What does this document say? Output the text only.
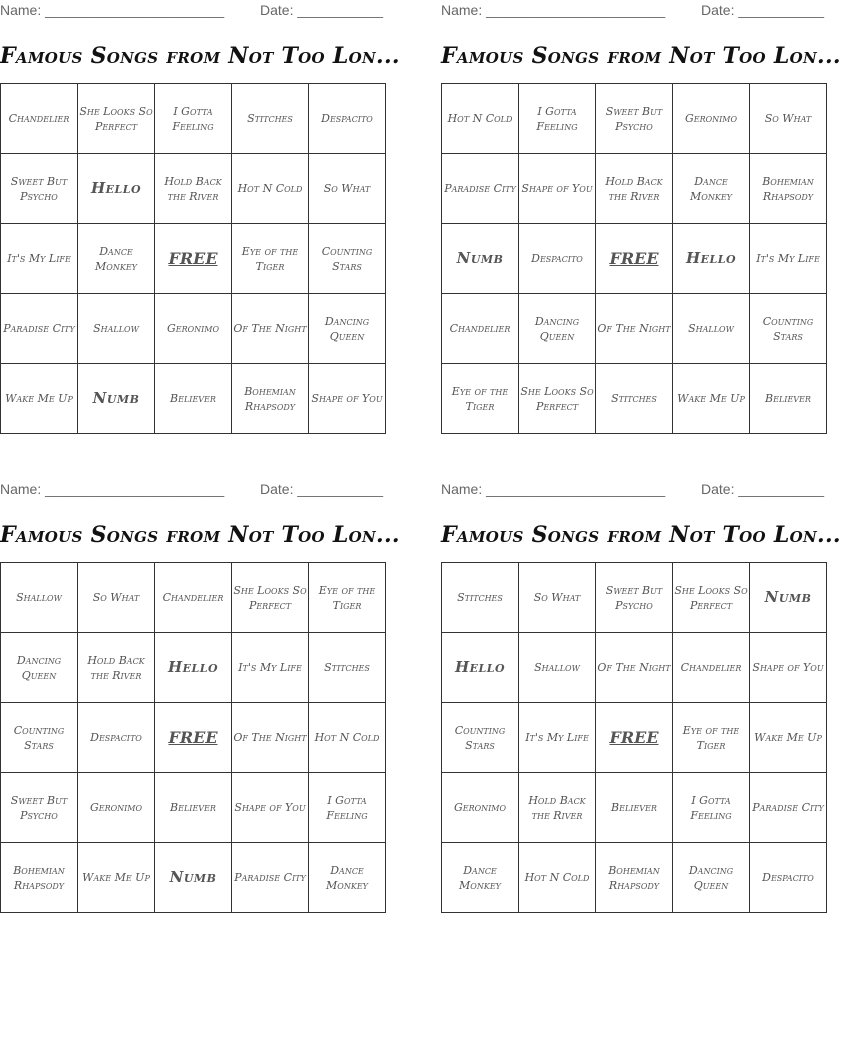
Name: _______________________	Date: ___________
Famous Songs from Not Too Lon...
Chandelier	She Looks So Perfect	I Gotta Feeling	Stitches	Despacito
Sweet But Psycho	Hello	Hold Back the River	Hot N Cold	So What
It's My Life	Dance Monkey	FREE	Eye of the Tiger	Counting Stars
Paradise City	Shallow	Geronimo	Of The Night	Dancing Queen
Wake Me Up	Numb	Believer	Bohemian Rhapsody	Shape of You
Name: _______________________	Date: ___________
Famous Songs from Not Too Lon...
Hot N Cold	I Gotta Feeling	Sweet But Psycho	Geronimo	So What
Paradise City	Shape of You	Hold Back the River	Dance Monkey	Bohemian Rhapsody
Numb	Despacito	FREE	Hello	It's My Life
Chandelier	Dancing Queen	Of The Night	Shallow	Counting Stars
Eye of the Tiger	She Looks So Perfect	Stitches	Wake Me Up	Believer
Name: _______________________	Date: ___________
Famous Songs from Not Too Lon...
Shallow	So What	Chandelier	She Looks So Perfect	Eye of the Tiger
Dancing Queen	Hold Back the River	Hello	It's My Life	Stitches
Counting Stars	Despacito	FREE	Of The Night	Hot N Cold
Sweet But Psycho	Geronimo	Believer	Shape of You	I Gotta Feeling
Bohemian Rhapsody	Wake Me Up	Numb	Paradise City	Dance Monkey
Name: _______________________	Date: ___________
Famous Songs from Not Too Lon...
Stitches	So What	Sweet But Psycho	She Looks So Perfect	Numb
Hello	Shallow	Of The Night	Chandelier	Shape of You
Counting Stars	It's My Life	FREE	Eye of the Tiger	Wake Me Up
Geronimo	Hold Back the River	Believer	I Gotta Feeling	Paradise City
Dance Monkey	Hot N Cold	Bohemian Rhapsody	Dancing Queen	Despacito
